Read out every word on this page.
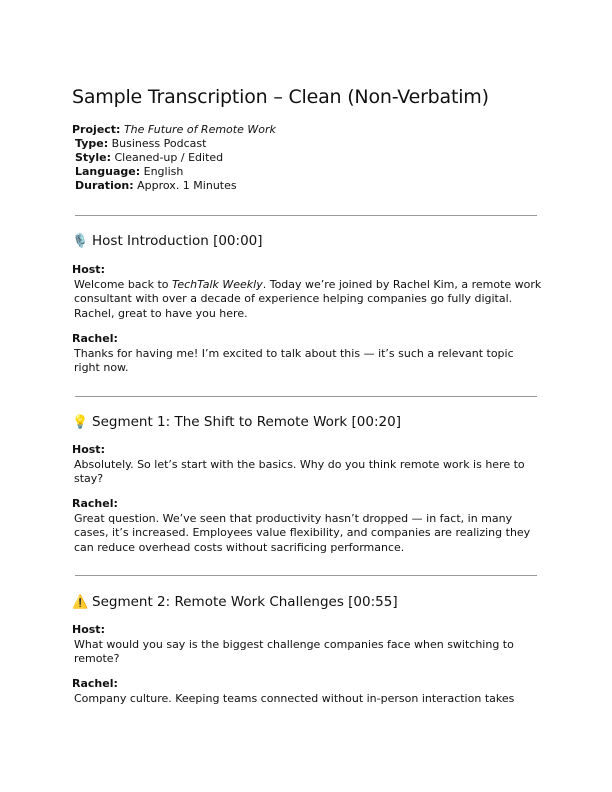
Sample Transcription – Clean (Non-Verbatim)
Project: The Future of Remote Work
Type: Business Podcast
Style: Cleaned-up / Edited
Language: English
Duration: Approx. 1 Minutes
🎙️ Host Introduction [00:00]
Host:
Welcome back to TechTalk Weekly. Today we’re joined by Rachel Kim, a remote work consultant with over a decade of experience helping companies go fully digital. Rachel, great to have you here.
Rachel:
Thanks for having me! I’m excited to talk about this — it’s such a relevant topic right now.
💡 Segment 1: The Shift to Remote Work [00:20]
Host:
Absolutely. So let’s start with the basics. Why do you think remote work is here to stay?
Rachel:
Great question. We’ve seen that productivity hasn’t dropped — in fact, in many cases, it’s increased. Employees value flexibility, and companies are realizing they can reduce overhead costs without sacrificing performance.
⚠️ Segment 2: Remote Work Challenges [00:55]
Host:
What would you say is the biggest challenge companies face when switching to remote?
Rachel:
Company culture. Keeping teams connected without in-person interaction takes
